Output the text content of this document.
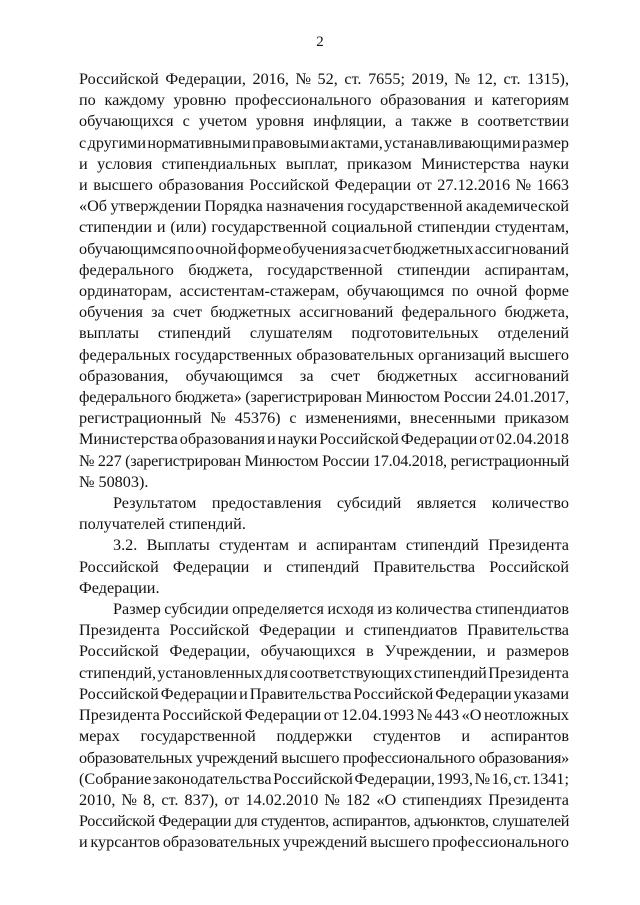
2
Российской Федерации, 2016, № 52, ст. 7655; 2019, № 12, ст. 1315),
по каждому уровню профессионального образования и категориям
обучающихся с учетом уровня инфляции, а также в соответствии
с другими нормативными правовыми актами, устанавливающими размер
и условия стипендиальных выплат, приказом Министерства науки
и высшего образования Российской Федерации от 27.12.2016 № 1663
«Об утверждении Порядка назначения государственной академической
стипендии и (или) государственной социальной стипендии студентам,
обучающимся по очной форме обучения за счет бюджетных ассигнований
федерального бюджета, государственной стипендии аспирантам,
ординаторам, ассистентам-стажерам, обучающимся по очной форме
обучения за счет бюджетных ассигнований федерального бюджета,
выплаты стипендий слушателям подготовительных отделений
федеральных государственных образовательных организаций высшего
образования, обучающимся за счет бюджетных ассигнований
федерального бюджета» (зарегистрирован Минюстом России 24.01.2017,
регистрационный № 45376) с изменениями, внесенными приказом
Министерства образования и науки Российской Федерации от 02.04.2018
№ 227 (зарегистрирован Минюстом России 17.04.2018, регистрационный
№ 50803).
Результатом предоставления субсидий является количество
получателей стипендий.
3.2. Выплаты студентам и аспирантам стипендий Президента
Российской Федерации и стипендий Правительства Российской
Федерации.
Размер субсидии определяется исходя из количества стипендиатов
Президента Российской Федерации и стипендиатов Правительства
Российской Федерации, обучающихся в Учреждении, и размеров
стипендий, установленных для соответствующих стипендий Президента
Российской Федерации и Правительства Российской Федерации указами
Президента Российской Федерации от 12.04.1993 № 443 «О неотложных
мерах государственной поддержки студентов и аспирантов
образовательных учреждений высшего профессионального образования»
(Собрание законодательства Российской Федерации, 1993, № 16, ст. 1341;
2010, № 8, ст. 837), от 14.02.2010 № 182 «О стипендиях Президента
Российской Федерации для студентов, аспирантов, адъюнктов, слушателей
и курсантов образовательных учреждений высшего профессионального
